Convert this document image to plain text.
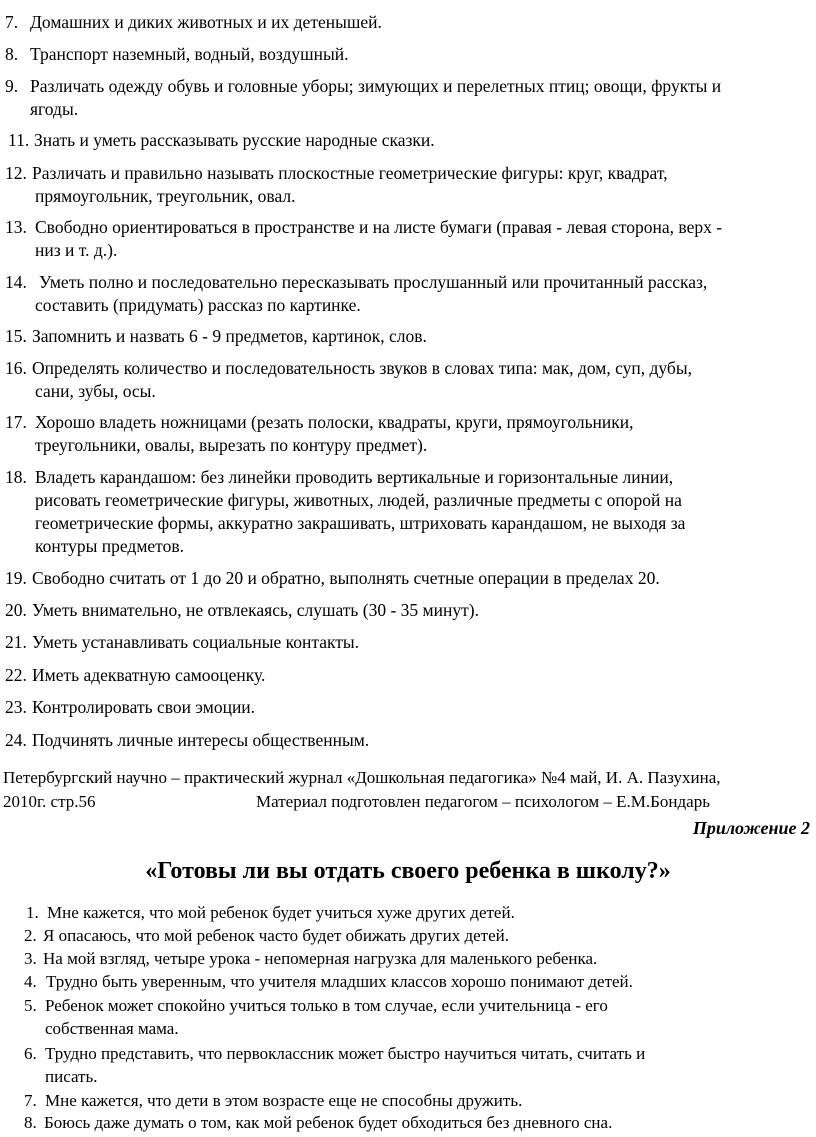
7. Домашних и диких животных и их детенышей.
8. Транспорт наземный, водный, воздушный.
9. Различать одежду обувь и головные уборы; зимующих и перелетных птиц; овощи, фрукты и
ягоды.
11. Знать и уметь рассказывать русские народные сказки.
12. Различать и правильно называть плоскостные геометрические фигуры: круг, квадрат,
прямоугольник, треугольник, овал.
13. Свободно ориентироваться в пространстве и на листе бумаги (правая - левая сторона, верх -
низ и т. д.).
14. Уметь полно и последовательно пересказывать прослушанный или прочитанный рассказ,
составить (придумать) рассказ по картинке.
15. Запомнить и назвать 6 - 9 предметов, картинок, слов.
16. Определять количество и последовательность звуков в словах типа: мак, дом, суп, дубы,
сани, зубы, осы.
17. Хорошо владеть ножницами (резать полоски, квадраты, круги, прямоугольники,
треугольники, овалы, вырезать по контуру предмет).
18. Владеть карандашом: без линейки проводить вертикальные и горизонтальные линии,
рисовать геометрические фигуры, животных, людей, различные предметы с опорой на
геометрические формы, аккуратно закрашивать, штриховать карандашом, не выходя за
контуры предметов.
19. Свободно считать от 1 до 20 и обратно, выполнять счетные операции в пределах 20.
20. Уметь внимательно, не отвлекаясь, слушать (30 - 35 минут).
21. Уметь устанавливать социальные контакты.
22. Иметь адекватную самооценку.
23. Контролировать свои эмоции.
24. Подчинять личные интересы общественным.
Петербургский научно – практический журнал «Дошкольная педагогика» №4 май, И. А. Пазухина,
2010г. стр.56	Материал подготовлен педагогом – психологом – Е.М.Бондарь
Приложение 2
«Готовы ли вы отдать своего ребенка в школу?»
1. Мне кажется, что мой ребенок будет учиться хуже других детей.
2. Я опасаюсь, что мой ребенок часто будет обижать других детей.
3. На мой взгляд, четыре урока - непомерная нагрузка для маленького ребенка.
4. Трудно быть уверенным, что учителя младших классов хорошо понимают детей.
5. Ребенок может спокойно учиться только в том случае, если учительница - его
собственная мама.
6. Трудно представить, что первоклассник может быстро научиться читать, считать и
писать.
7. Мне кажется, что дети в этом возрасте еще не способны дружить.
8. Боюсь даже думать о том, как мой ребенок будет обходиться без дневного сна.
